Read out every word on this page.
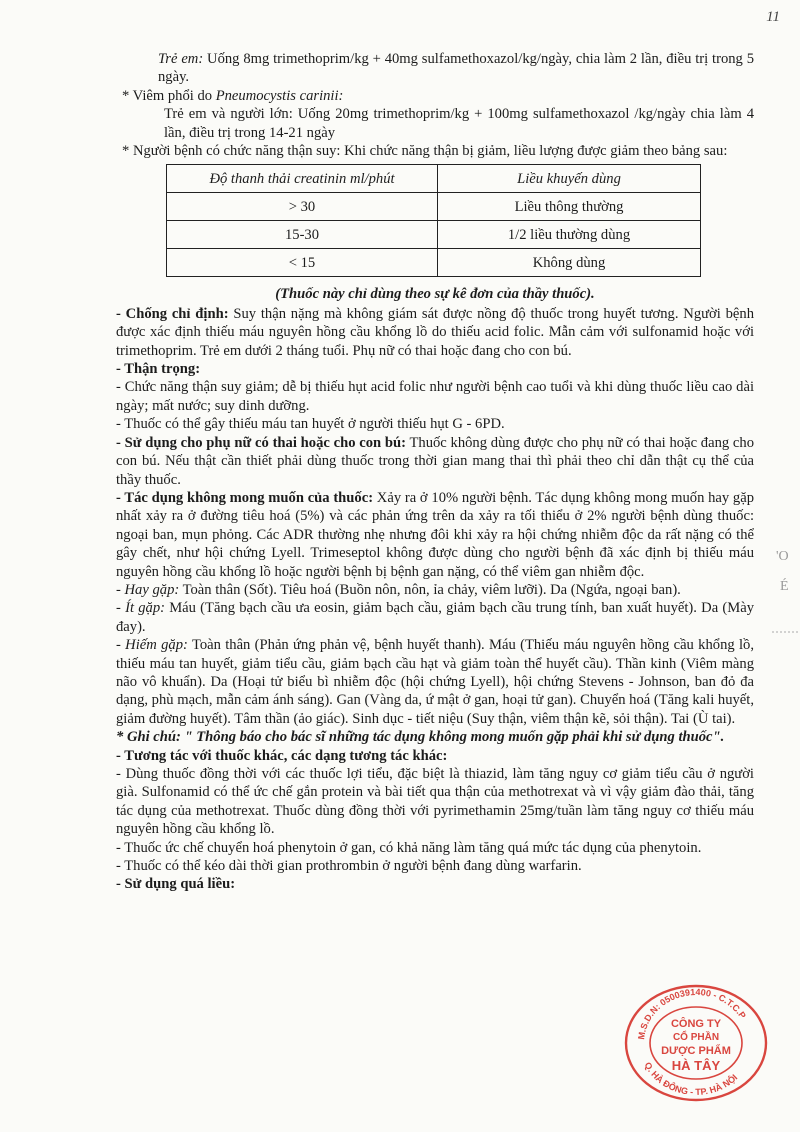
11

Trẻ em: Uống 8mg trimethoprim/kg + 40mg sulfamethoxazol/kg/ngày, chia làm 2 lần, điều trị trong 5 ngày.

* Viêm phổi do Pneumocystis carinii:

Trẻ em và người lớn: Uống 20mg trimethoprim/kg + 100mg sulfamethoxazol /kg/ngày chia làm 4 lần, điều trị trong 14-21 ngày

* Người bệnh có chức năng thận suy: Khi chức năng thận bị giảm, liều lượng được giảm theo bảng sau:

Độ thanh thải creatinin ml/phút	Liều khuyến dùng
> 30	Liều thông thường
15-30	1/2 liều thường dùng
< 15	Không dùng

(Thuốc này chỉ dùng theo sự kê đơn của thầy thuốc).

- Chống chỉ định: Suy thận nặng mà không giám sát được nồng độ thuốc trong huyết tương. Người bệnh được xác định thiếu máu nguyên hồng cầu khổng lồ do thiếu acid folic. Mẫn cảm với sulfonamid hoặc với trimethoprim. Trẻ em dưới 2 tháng tuổi. Phụ nữ có thai hoặc đang cho con bú.

- Thận trọng:

- Chức năng thận suy giảm; dễ bị thiếu hụt acid folic như người bệnh cao tuổi và khi dùng thuốc liều cao dài ngày; mất nước; suy dinh dưỡng.

- Thuốc có thể gây thiếu máu tan huyết ở người thiếu hụt G - 6PD.

- Sử dụng cho phụ nữ có thai hoặc cho con bú: Thuốc không dùng được cho phụ nữ có thai hoặc đang cho con bú. Nếu thật cần thiết phải dùng thuốc trong thời gian mang thai thì phải theo chỉ dẫn thật cụ thể của thầy thuốc.

- Tác dụng không mong muốn của thuốc: Xảy ra ở 10% người bệnh. Tác dụng không mong muốn hay gặp nhất xảy ra ở đường tiêu hoá (5%) và các phản ứng trên da xảy ra tối thiểu ở 2% người bệnh dùng thuốc: ngoại ban, mụn phỏng. Các ADR thường nhẹ nhưng đôi khi xảy ra hội chứng nhiễm độc da rất nặng có thể gây chết, như hội chứng Lyell. Trimeseptol không được dùng cho người bệnh đã xác định bị thiếu máu nguyên hồng cầu khổng lồ hoặc người bệnh bị bệnh gan nặng, có thể viêm gan nhiễm độc.

- Hay gặp: Toàn thân (Sốt). Tiêu hoá (Buồn nôn, nôn, ỉa chảy, viêm lưỡi). Da (Ngứa, ngoại ban).

- Ít gặp: Máu (Tăng bạch cầu ưa eosin, giảm bạch cầu, giảm bạch cầu trung tính, ban xuất huyết). Da (Mày đay).

- Hiếm gặp: Toàn thân (Phản ứng phản vệ, bệnh huyết thanh). Máu (Thiếu máu nguyên hồng cầu khổng lồ, thiếu máu tan huyết, giảm tiểu cầu, giảm bạch cầu hạt và giảm toàn thể huyết cầu). Thần kinh (Viêm màng não vô khuẩn). Da (Hoại tử biểu bì nhiễm độc (hội chứng Lyell), hội chứng Stevens - Johnson, ban đỏ đa dạng, phù mạch, mẫn cảm ánh sáng). Gan (Vàng da, ứ mật ở gan, hoại tử gan). Chuyển hoá (Tăng kali huyết, giảm đường huyết). Tâm thần (ảo giác). Sinh dục - tiết niệu (Suy thận, viêm thận kẽ, sỏi thận). Tai (Ù tai).

* Ghi chú: " Thông báo cho bác sĩ những tác dụng không mong muốn gặp phải khi sử dụng thuốc".

- Tương tác với thuốc khác, các dạng tương tác khác:

- Dùng thuốc đồng thời với các thuốc lợi tiểu, đặc biệt là thiazid, làm tăng nguy cơ giảm tiểu cầu ở người già. Sulfonamid có thể ức chế gắn protein và bài tiết qua thận của methotrexat và vì vậy giảm đào thải, tăng tác dụng của methotrexat. Thuốc dùng đồng thời với pyrimethamin 25mg/tuần làm tăng nguy cơ thiếu máu nguyên hồng cầu khổng lồ.

- Thuốc ức chế chuyển hoá phenytoin ở gan, có khả năng làm tăng quá mức tác dụng của phenytoin.

- Thuốc có thể kéo dài thời gian prothrombin ở người bệnh đang dùng warfarin.

- Sử dụng quá liều:

'O
É
M.S.D.N: 0500391400 - C.T.C.P
Q. HÀ ĐÔNG - TP. HÀ NỘI
CÔNG TY
CỔ PHẦN
DƯỢC PHẨM
HÀ TÂY
